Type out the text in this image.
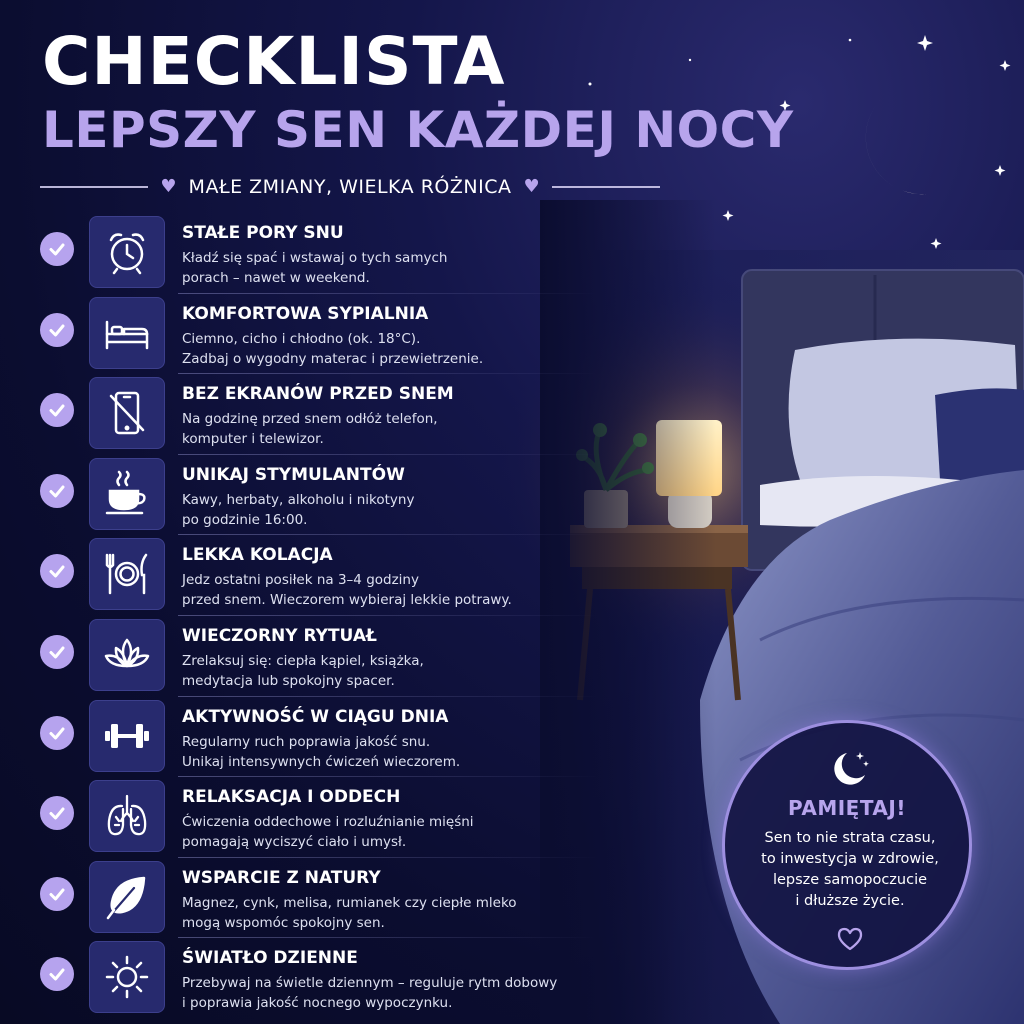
CHECKLISTA
LEPSZY SEN KAŻDEJ NOCY
♥ MAŁE ZMIANY, WIELKA RÓŻNICA ♥
STAŁE PORY SNU
Kładź się spać i wstawaj o tych samych
porach – nawet w weekend.
KOMFORTOWA SYPIALNIA
Ciemno, cicho i chłodno (ok. 18°C).
Zadbaj o wygodny materac i przewietrzenie.
BEZ EKRANÓW PRZED SNEM
Na godzinę przed snem odłóż telefon,
komputer i telewizor.
UNIKAJ STYMULANTÓW
Kawy, herbaty, alkoholu i nikotyny
po godzinie 16:00.
LEKKA KOLACJA
Jedz ostatni posiłek na 3–4 godziny
przed snem. Wieczorem wybieraj lekkie potrawy.
WIECZORNY RYTUAŁ
Zrelaksuj się: ciepła kąpiel, książka,
medytacja lub spokojny spacer.
AKTYWNOŚĆ W CIĄGU DNIA
Regularny ruch poprawia jakość snu.
Unikaj intensywnych ćwiczeń wieczorem.
RELAKSACJA I ODDECH
Ćwiczenia oddechowe i rozluźnianie mięśni
pomagają wyciszyć ciało i umysł.
WSPARCIE Z NATURY
Magnez, cynk, melisa, rumianek czy ciepłe mleko
mogą wspomóc spokojny sen.
ŚWIATŁO DZIENNE
Przebywaj na świetle dziennym – reguluje rytm dobowy
i poprawia jakość nocnego wypoczynku.
PAMIĘTAJ!
Sen to nie strata czasu,
to inwestycja w zdrowie,
lepsze samopoczucie
i dłuższe życie.
